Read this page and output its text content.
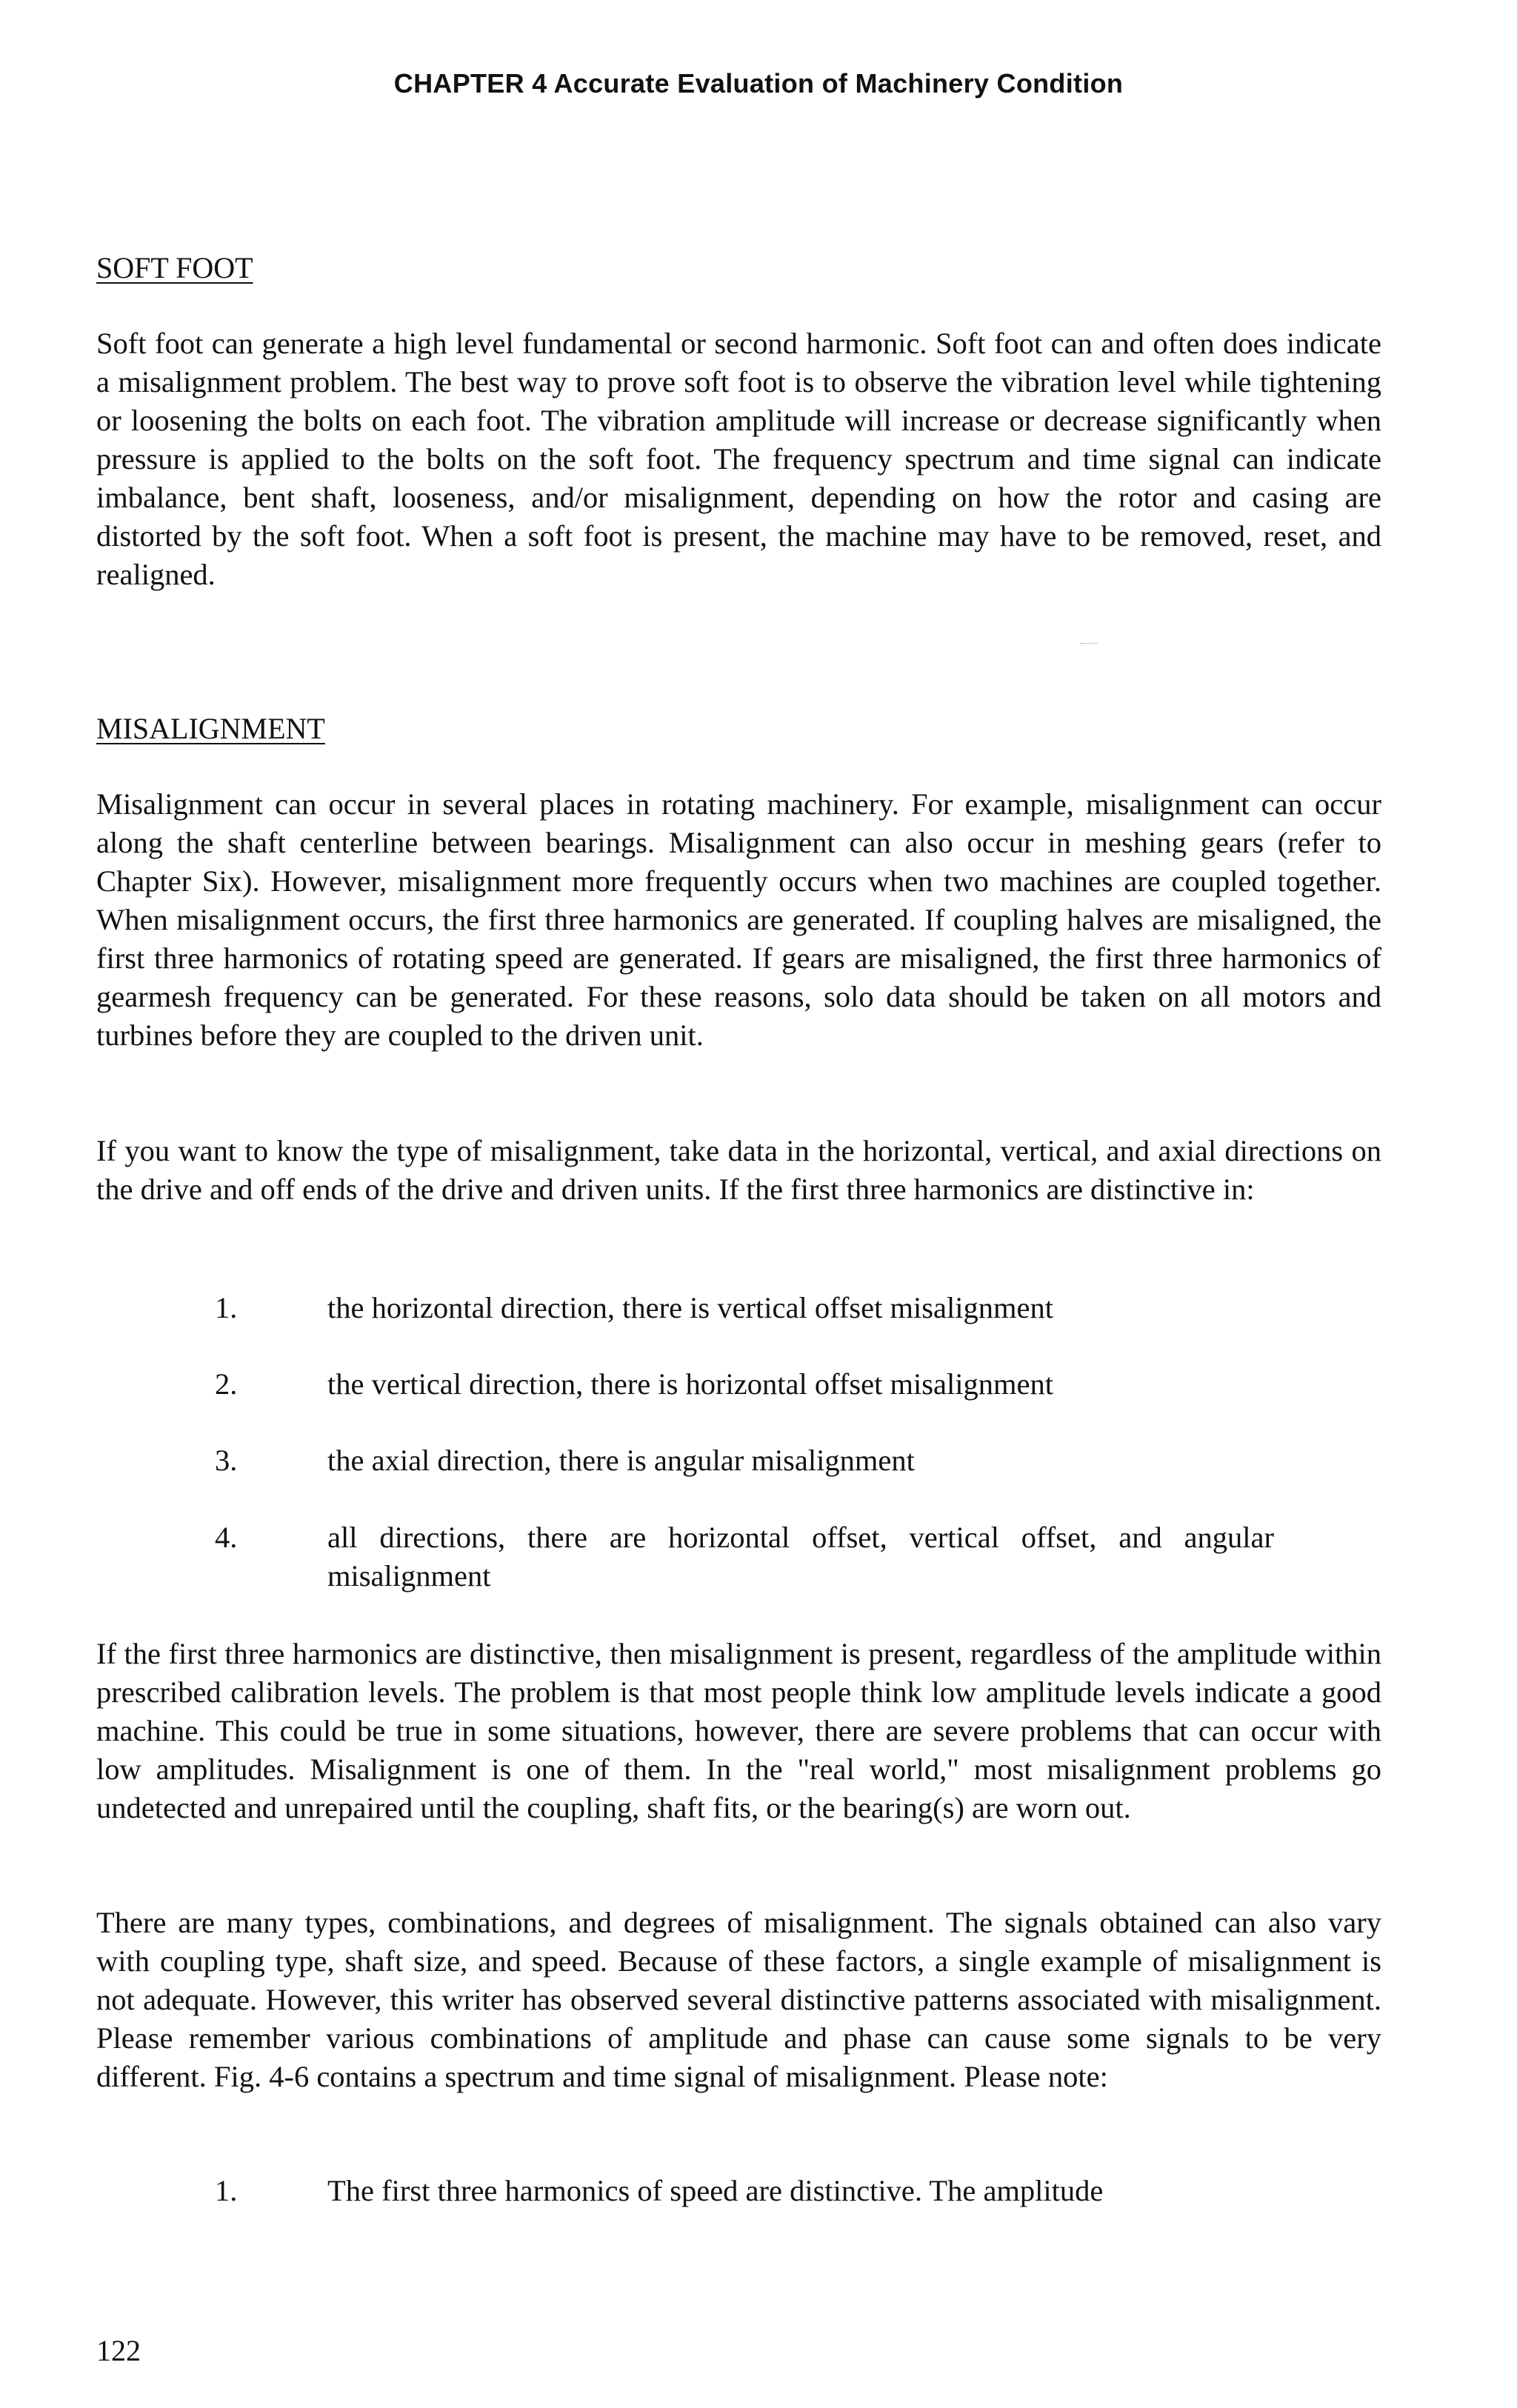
CHAPTER 4 Accurate Evaluation of Machinery Condition
SOFT FOOT

Soft foot can generate a high level fundamental or second harmonic. Soft foot can and often does indicate a misalignment problem. The best way to prove soft foot is to observe the vibration level while tightening or loosening the bolts on each foot. The vibration amplitude will increase or decrease significantly when pressure is applied to the bolts on the soft foot. The frequency spectrum and time signal can indicate imbalance, bent shaft, looseness, and/or misalignment, depending on how the rotor and casing are distorted by the soft foot. When a soft foot is present, the machine may have to be removed, reset, and realigned.

MISALIGNMENT

Misalignment can occur in several places in rotating machinery. For example, misalignment can occur along the shaft centerline between bearings. Misalignment can also occur in meshing gears (refer to Chapter Six). However, misalignment more frequently occurs when two machines are coupled together. When misalignment occurs, the first three harmonics are generated. If coupling halves are misaligned, the first three harmonics of rotating speed are generated. If gears are misaligned, the first three harmonics of gearmesh frequency can be generated. For these reasons, solo data should be taken on all motors and turbines before they are coupled to the driven unit.

If you want to know the type of misalignment, take data in the horizontal, vertical, and axial directions on the drive and off ends of the drive and driven units. If the first three harmonics are distinctive in:

1.	the horizontal direction, there is vertical offset misalignment
2.	the vertical direction, there is horizontal offset misalignment
3.	the axial direction, there is angular misalignment
4.	all directions, there are horizontal offset, vertical offset, and angular misalignment

If the first three harmonics are distinctive, then misalignment is present, regardless of the amplitude within prescribed calibration levels. The problem is that most people think low amplitude levels indicate a good machine. This could be true in some situations, however, there are severe problems that can occur with low amplitudes. Misalignment is one of them. In the "real world," most misalignment problems go undetected and unrepaired until the coupling, shaft fits, or the bearing(s) are worn out.

There are many types, combinations, and degrees of misalignment. The signals obtained can also vary with coupling type, shaft size, and speed. Because of these factors, a single example of misalignment is not adequate. However, this writer has observed several distinctive patterns associated with misalignment. Please remember various combinations of amplitude and phase can cause some signals to be very different. Fig. 4-6 contains a spectrum and time signal of misalignment. Please note:

1.	The first three harmonics of speed are distinctive. The amplitude
122
